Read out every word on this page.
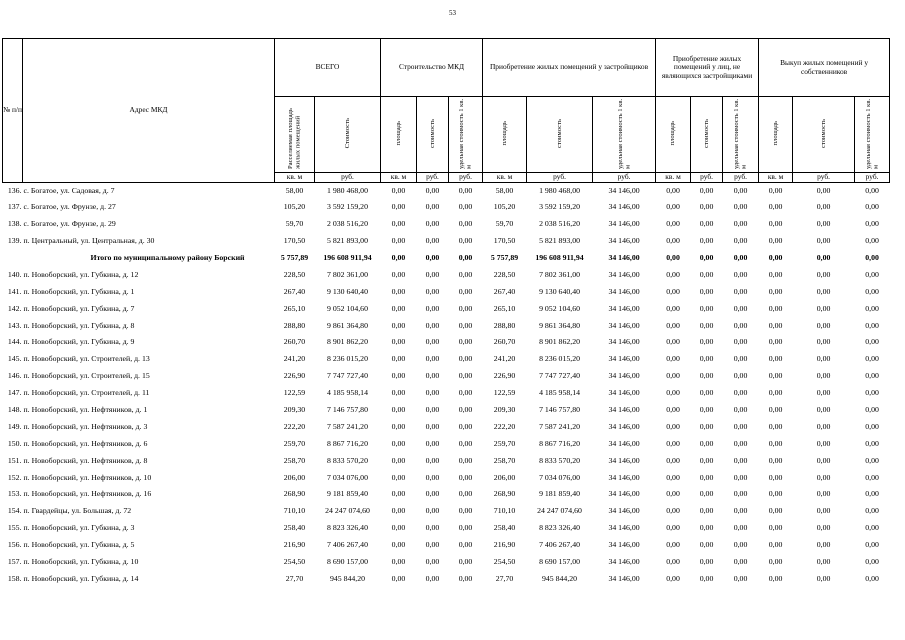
53
№ п/п	Адрес МКД	ВСЕГО		Строительство МКД			Приобретение жилых помещений у застройщиков			Приобретение жилых помещений у лиц, не являющихся застройщиками			Выкуп жилых помещений у собственников		
		Расселяемая площадь жилых помещений	Стоимость	площадь	стоимость	удельная стоимость 1 кв. м	площадь	стоимость	удельная стоимость 1 кв. м	площадь	стоимость	удельная стоимость 1 кв. м	площадь	стоимость	удельная стоимость 1 кв. м
		кв. м	руб.	кв. м	руб.	руб.	кв. м	руб.	руб.	кв. м	руб.	руб.	кв. м	руб.	руб.
136.	с. Богатое, ул. Садовая, д. 7	58,00	1 980 468,00	0,00	0,00	0,00	58,00	1 980 468,00	34 146,00	0,00	0,00	0,00	0,00	0,00	0,00
137.	с. Богатое, ул. Фрунзе, д. 27	105,20	3 592 159,20	0,00	0,00	0,00	105,20	3 592 159,20	34 146,00	0,00	0,00	0,00	0,00	0,00	0,00
138.	с. Богатое, ул. Фрунзе, д. 29	59,70	2 038 516,20	0,00	0,00	0,00	59,70	2 038 516,20	34 146,00	0,00	0,00	0,00	0,00	0,00	0,00
139.	п. Центральный, ул. Центральная, д. 30	170,50	5 821 893,00	0,00	0,00	0,00	170,50	5 821 893,00	34 146,00	0,00	0,00	0,00	0,00	0,00	0,00
Итого по муниципальному району Борский		5 757,89	196 608 911,94	0,00	0,00	0,00	5 757,89	196 608 911,94	34 146,00	0,00	0,00	0,00	0,00	0,00	0,00
140.	п. Новоборский, ул. Губкина, д. 12	228,50	7 802 361,00	0,00	0,00	0,00	228,50	7 802 361,00	34 146,00	0,00	0,00	0,00	0,00	0,00	0,00
141.	п. Новоборский, ул. Губкина, д. 1	267,40	9 130 640,40	0,00	0,00	0,00	267,40	9 130 640,40	34 146,00	0,00	0,00	0,00	0,00	0,00	0,00
142.	п. Новоборский, ул. Губкина, д. 7	265,10	9 052 104,60	0,00	0,00	0,00	265,10	9 052 104,60	34 146,00	0,00	0,00	0,00	0,00	0,00	0,00
143.	п. Новоборский, ул. Губкина, д. 8	288,80	9 861 364,80	0,00	0,00	0,00	288,80	9 861 364,80	34 146,00	0,00	0,00	0,00	0,00	0,00	0,00
144.	п. Новоборский, ул. Губкина, д. 9	260,70	8 901 862,20	0,00	0,00	0,00	260,70	8 901 862,20	34 146,00	0,00	0,00	0,00	0,00	0,00	0,00
145.	п. Новоборский, ул. Строителей, д. 13	241,20	8 236 015,20	0,00	0,00	0,00	241,20	8 236 015,20	34 146,00	0,00	0,00	0,00	0,00	0,00	0,00
146.	п. Новоборский, ул. Строителей, д. 15	226,90	7 747 727,40	0,00	0,00	0,00	226,90	7 747 727,40	34 146,00	0,00	0,00	0,00	0,00	0,00	0,00
147.	п. Новоборский, ул. Строителей, д. 11	122,59	4 185 958,14	0,00	0,00	0,00	122,59	4 185 958,14	34 146,00	0,00	0,00	0,00	0,00	0,00	0,00
148.	п. Новоборский, ул. Нефтяников, д. 1	209,30	7 146 757,80	0,00	0,00	0,00	209,30	7 146 757,80	34 146,00	0,00	0,00	0,00	0,00	0,00	0,00
149.	п. Новоборский, ул. Нефтяников, д. 3	222,20	7 587 241,20	0,00	0,00	0,00	222,20	7 587 241,20	34 146,00	0,00	0,00	0,00	0,00	0,00	0,00
150.	п. Новоборский, ул. Нефтяников, д. 6	259,70	8 867 716,20	0,00	0,00	0,00	259,70	8 867 716,20	34 146,00	0,00	0,00	0,00	0,00	0,00	0,00
151.	п. Новоборский, ул. Нефтяников, д. 8	258,70	8 833 570,20	0,00	0,00	0,00	258,70	8 833 570,20	34 146,00	0,00	0,00	0,00	0,00	0,00	0,00
152.	п. Новоборский, ул. Нефтяников, д. 10	206,00	7 034 076,00	0,00	0,00	0,00	206,00	7 034 076,00	34 146,00	0,00	0,00	0,00	0,00	0,00	0,00
153.	п. Новоборский, ул. Нефтяников, д. 16	268,90	9 181 859,40	0,00	0,00	0,00	268,90	9 181 859,40	34 146,00	0,00	0,00	0,00	0,00	0,00	0,00
154.	п. Гвардейцы, ул. Большая, д. 72	710,10	24 247 074,60	0,00	0,00	0,00	710,10	24 247 074,60	34 146,00	0,00	0,00	0,00	0,00	0,00	0,00
155.	п. Новоборский, ул. Губкина, д. 3	258,40	8 823 326,40	0,00	0,00	0,00	258,40	8 823 326,40	34 146,00	0,00	0,00	0,00	0,00	0,00	0,00
156.	п. Новоборский, ул. Губкина, д. 5	216,90	7 406 267,40	0,00	0,00	0,00	216,90	7 406 267,40	34 146,00	0,00	0,00	0,00	0,00	0,00	0,00
157.	п. Новоборский, ул. Губкина, д. 10	254,50	8 690 157,00	0,00	0,00	0,00	254,50	8 690 157,00	34 146,00	0,00	0,00	0,00	0,00	0,00	0,00
158.	п. Новоборский, ул. Губкина, д. 14	27,70	945 844,20	0,00	0,00	0,00	27,70	945 844,20	34 146,00	0,00	0,00	0,00	0,00	0,00	0,00
